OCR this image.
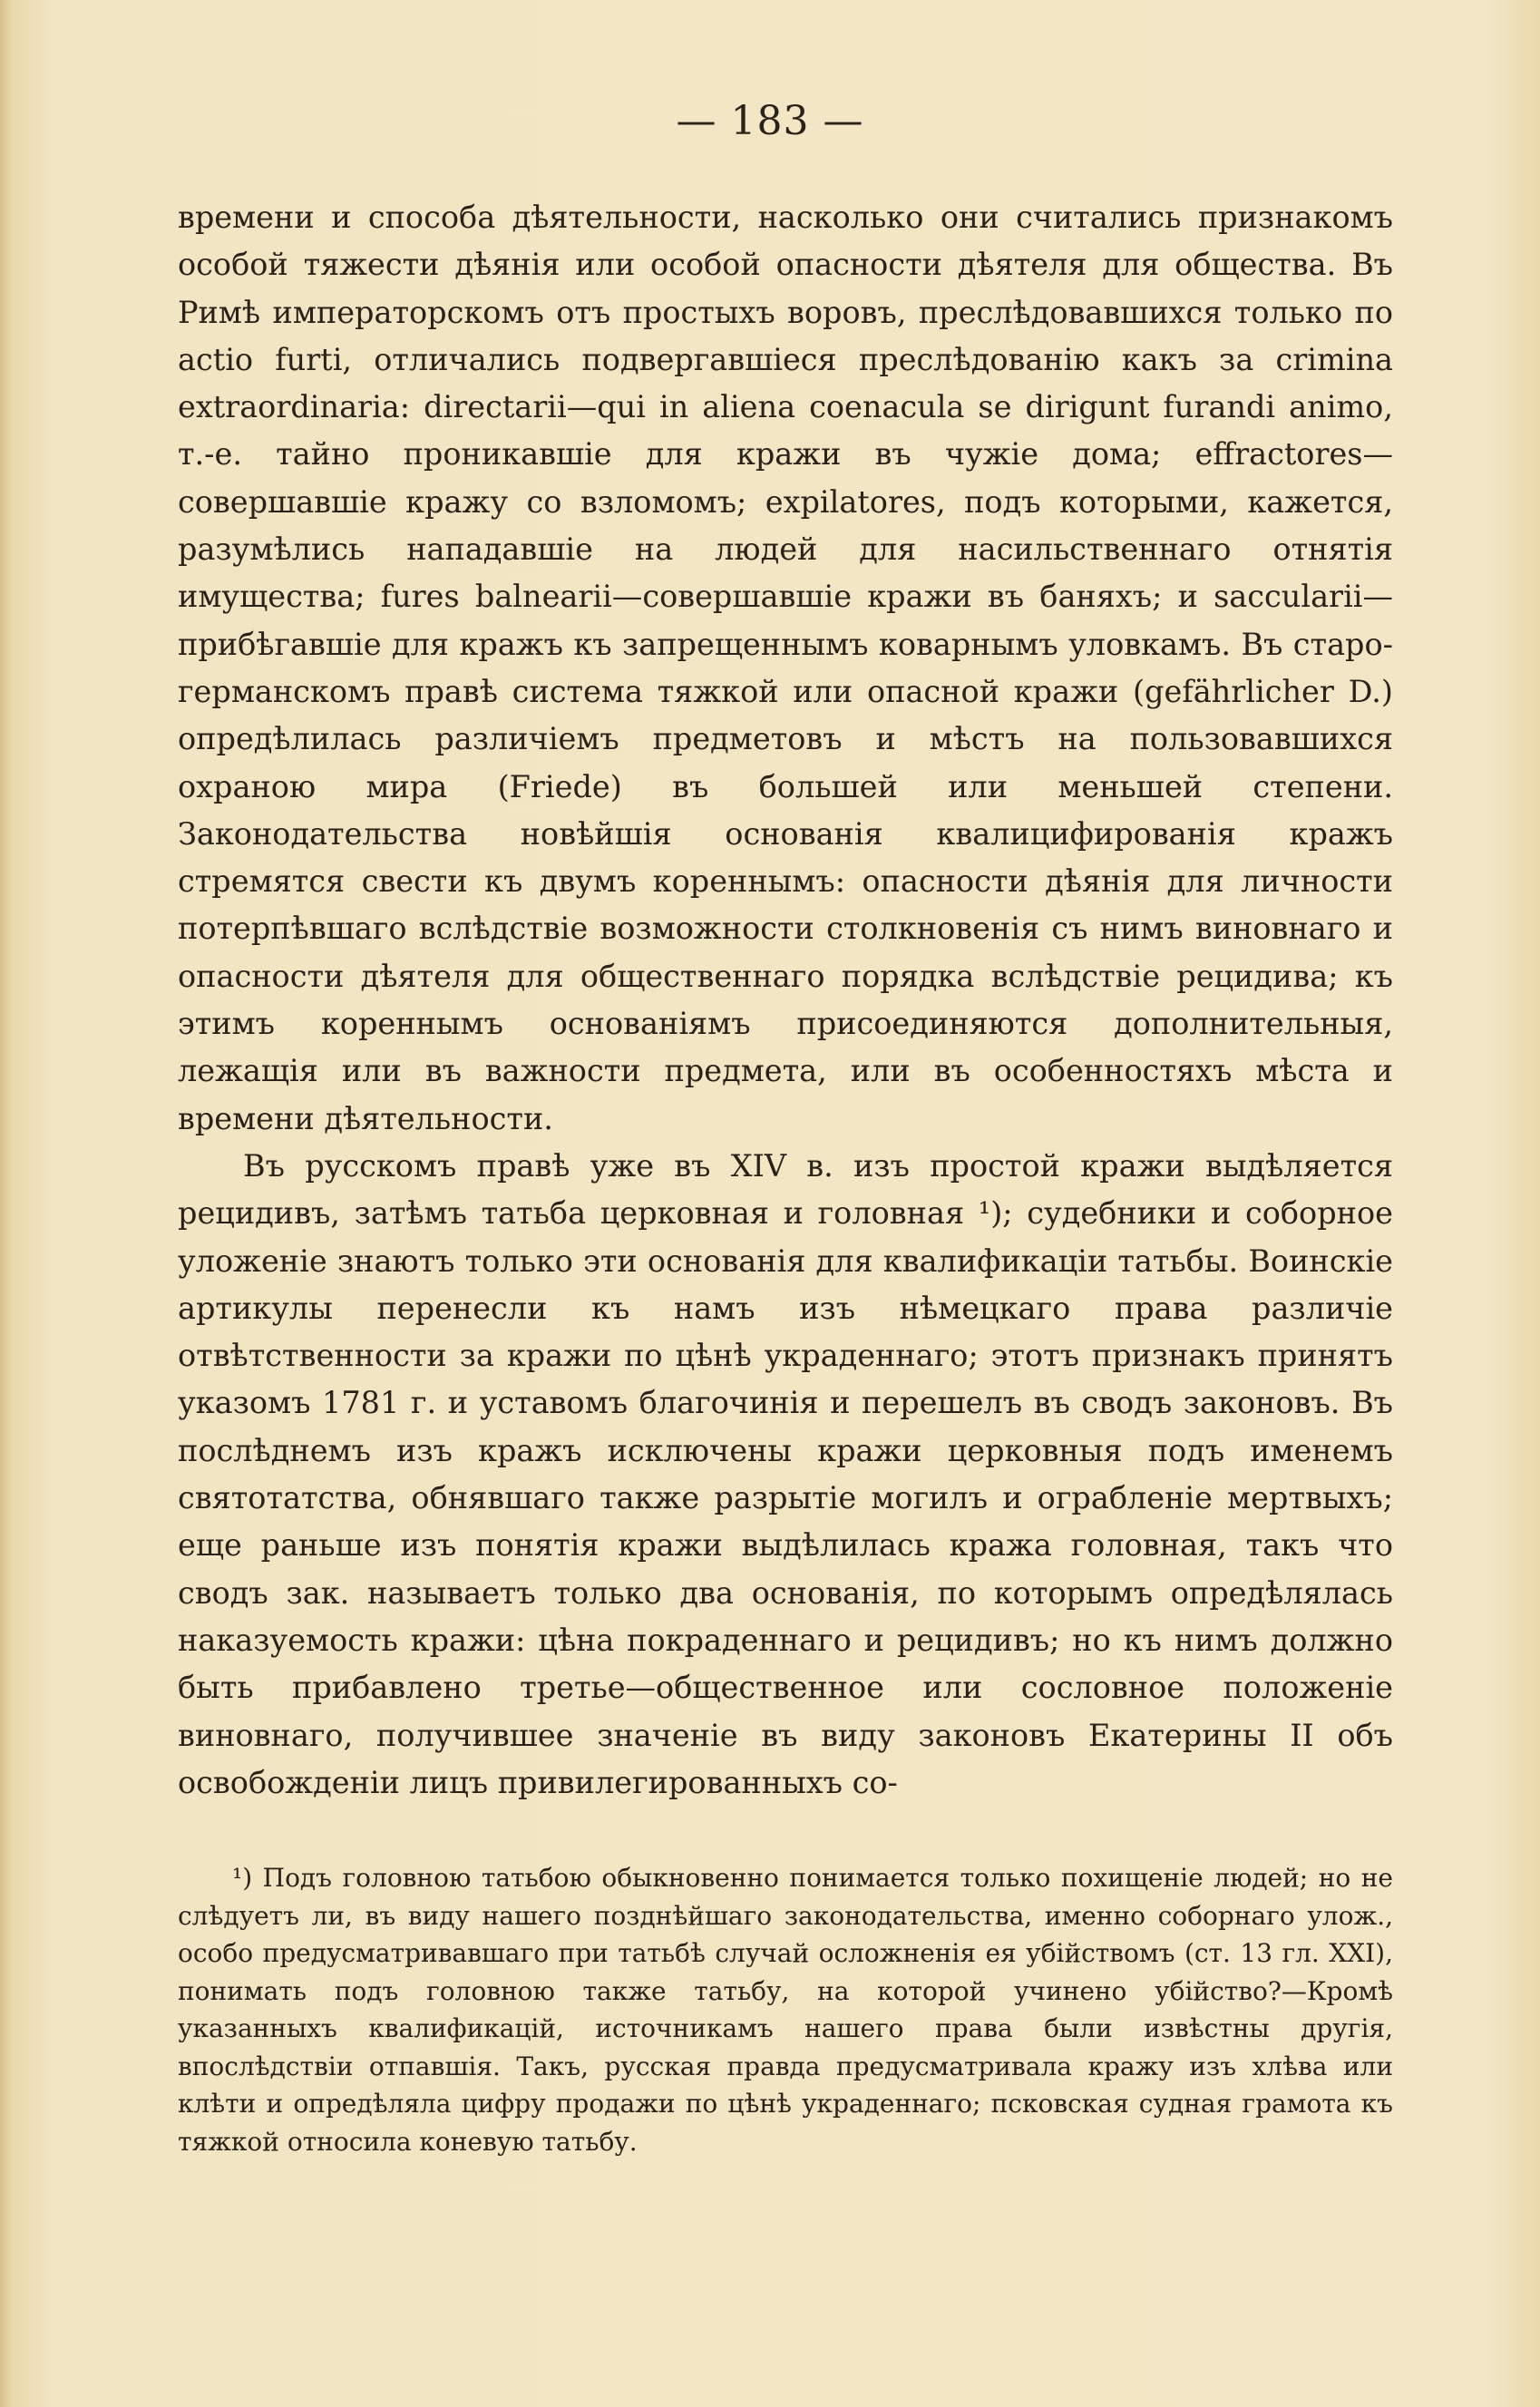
— 183 —

времени и способа дѣятельности, насколько они считались признакомъ особой тяжести дѣянія или особой опасности дѣятеля для общества. Въ Римѣ императорскомъ отъ простыхъ воровъ, преслѣдовавшихся только по actio furti, отличались подвергавшіеся преслѣдованію какъ за crimina extraordinaria: directarii—qui in aliena coenacula se dirigunt furandi animo, т.-е. тайно проникавшіе для кражи въ чужіе дома; effractores—совершавшіе кражу со взломомъ; expilatores, подъ которыми, кажется, разумѣлись нападавшіе на людей для насильственнаго отнятія имущества; fures balnearii—совершавшіе кражи въ баняхъ; и saccularii—прибѣгавшіе для кражъ къ запрещеннымъ коварнымъ уловкамъ. Въ старо-германскомъ правѣ система тяжкой или опасной кражи (gefährlicher D.) опредѣлилась различіемъ предметовъ и мѣстъ на пользовавшихся охраною мира (Friede) въ большей или меньшей степени. Законодательства новѣйшія основанія квалицифированія кражъ стремятся свести къ двумъ кореннымъ: опасности дѣянія для личности потерпѣвшаго вслѣдствіе возможности столкновенія съ нимъ виновнаго и опасности дѣятеля для общественнаго порядка вслѣдствіе рецидива; къ этимъ кореннымъ основаніямъ присоединяются дополнительныя, лежащія или въ важности предмета, или въ особенностяхъ мѣста и времени дѣятельности.

Въ русскомъ правѣ уже въ XIV в. изъ простой кражи выдѣляется рецидивъ, затѣмъ татьба церковная и головная ¹); судебники и соборное уложеніе знаютъ только эти основанія для квалификаціи татьбы. Воинскіе артикулы перенесли къ намъ изъ нѣмецкаго права различіе отвѣтственности за кражи по цѣнѣ украденнаго; этотъ признакъ принятъ указомъ 1781 г. и уставомъ благочинія и перешелъ въ сводъ законовъ. Въ послѣднемъ изъ кражъ исключены кражи церковныя подъ именемъ святотатства, обнявшаго также разрытіе могилъ и ограбленіе мертвыхъ; еще раньше изъ понятія кражи выдѣлилась кража головная, такъ что сводъ зак. называетъ только два основанія, по которымъ опредѣлялась наказуемость кражи: цѣна покраденнаго и рецидивъ; но къ нимъ должно быть прибавлено третье—общественное или сословное положеніе виновнаго, получившее значеніе въ виду законовъ Екатерины II объ освобожденіи лицъ привилегированныхъ со-

¹) Подъ головною татьбою обыкновенно понимается только похищеніе людей; но не слѣдуетъ ли, въ виду нашего позднѣйшаго законодательства, именно соборнаго улож., особо предусматривавшаго при татьбѣ случай осложненія ея убійствомъ (ст. 13 гл. XXI), понимать подъ головною также татьбу, на которой учинено убійство?—Кромѣ указанныхъ квалификацій, источникамъ нашего права были извѣстны другія, впослѣдствіи отпавшія. Такъ, русская правда предусматривала кражу изъ хлѣва или клѣти и опредѣляла цифру продажи по цѣнѣ украденнаго; псковская судная грамота къ тяжкой относила коневую татьбу.
